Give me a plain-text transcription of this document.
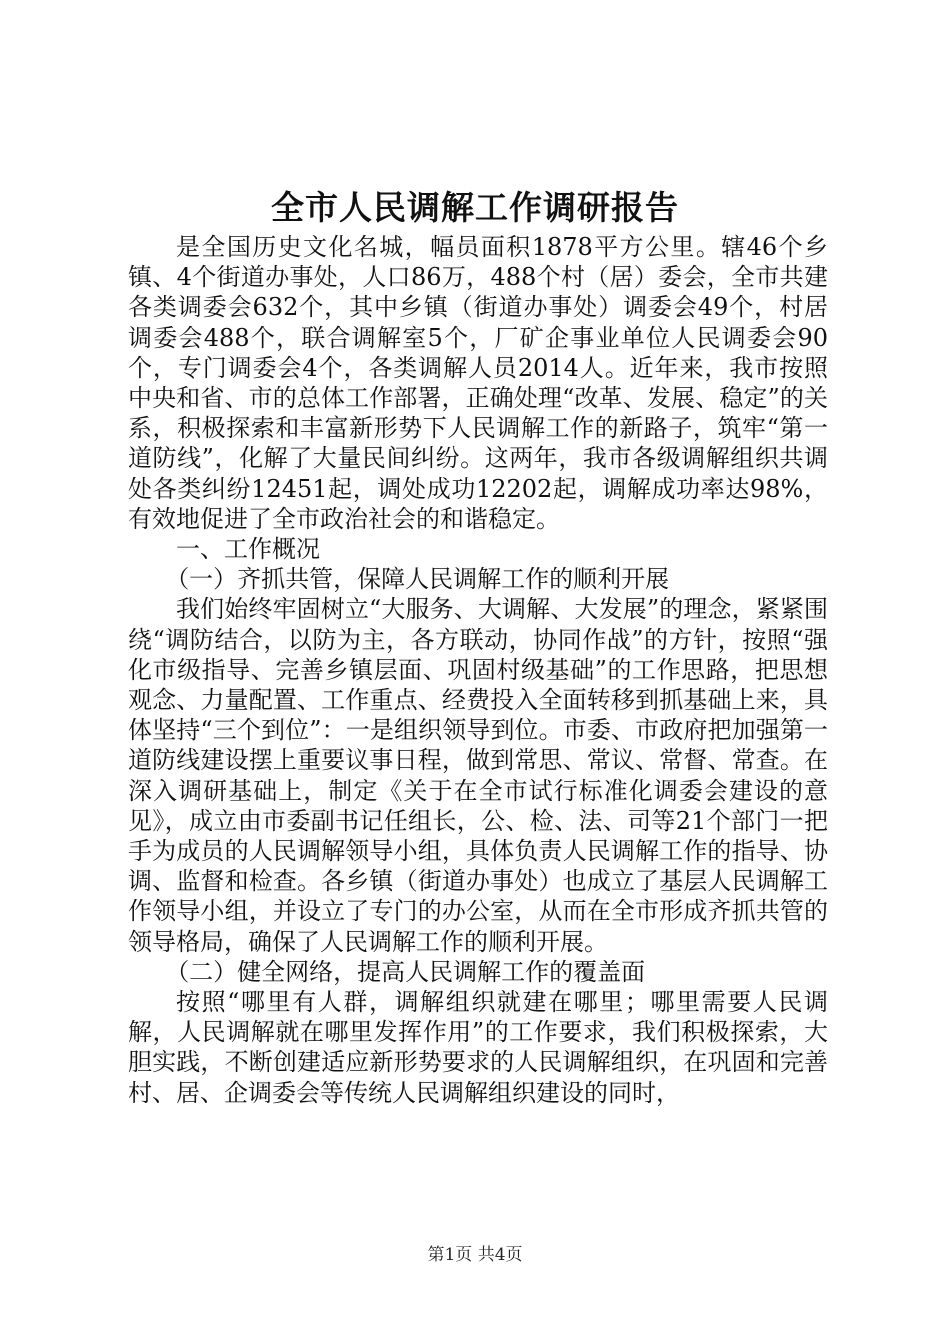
全市人民调解工作调研报告

是全国历史文化名城，幅员面积1878平方公里。辖46个乡镇、4个街道办事处，人口86万，488个村（居）委会，全市共建各类调委会632个，其中乡镇（街道办事处）调委会49个，村居调委会488个，联合调解室5个，厂矿企事业单位人民调委会90个，专门调委会4个，各类调解人员2014人。近年来，我市按照中央和省、市的总体工作部署，正确处理“改革、发展、稳定”的关系，积极探索和丰富新形势下人民调解工作的新路子，筑牢“第一道防线”，化解了大量民间纠纷。这两年，我市各级调解组织共调处各类纠纷12451起，调处成功12202起，调解成功率达98%，有效地促进了全市政治社会的和谐稳定。

一、工作概况

（一）齐抓共管，保障人民调解工作的顺利开展

我们始终牢固树立“大服务、大调解、大发展”的理念，紧紧围绕“调防结合，以防为主，各方联动，协同作战”的方针，按照“强化市级指导、完善乡镇层面、巩固村级基础”的工作思路，把思想观念、力量配置、工作重点、经费投入全面转移到抓基础上来，具体坚持“三个到位”：一是组织领导到位。市委、市政府把加强第一道防线建设摆上重要议事日程，做到常思、常议、常督、常查。在深入调研基础上，制定《关于在全市试行标准化调委会建设的意见》，成立由市委副书记任组长，公、检、法、司等21个部门一把手为成员的人民调解领导小组，具体负责人民调解工作的指导、协调、监督和检查。各乡镇（街道办事处）也成立了基层人民调解工作领导小组，并设立了专门的办公室，从而在全市形成齐抓共管的领导格局，确保了人民调解工作的顺利开展。

（二）健全网络，提高人民调解工作的覆盖面

按照“哪里有人群，调解组织就建在哪里；哪里需要人民调解，人民调解就在哪里发挥作用”的工作要求，我们积极探索，大胆实践，不断创建适应新形势要求的人民调解组织，在巩固和完善村、居、企调委会等传统人民调解组织建设的同时，

第1页 共4页
